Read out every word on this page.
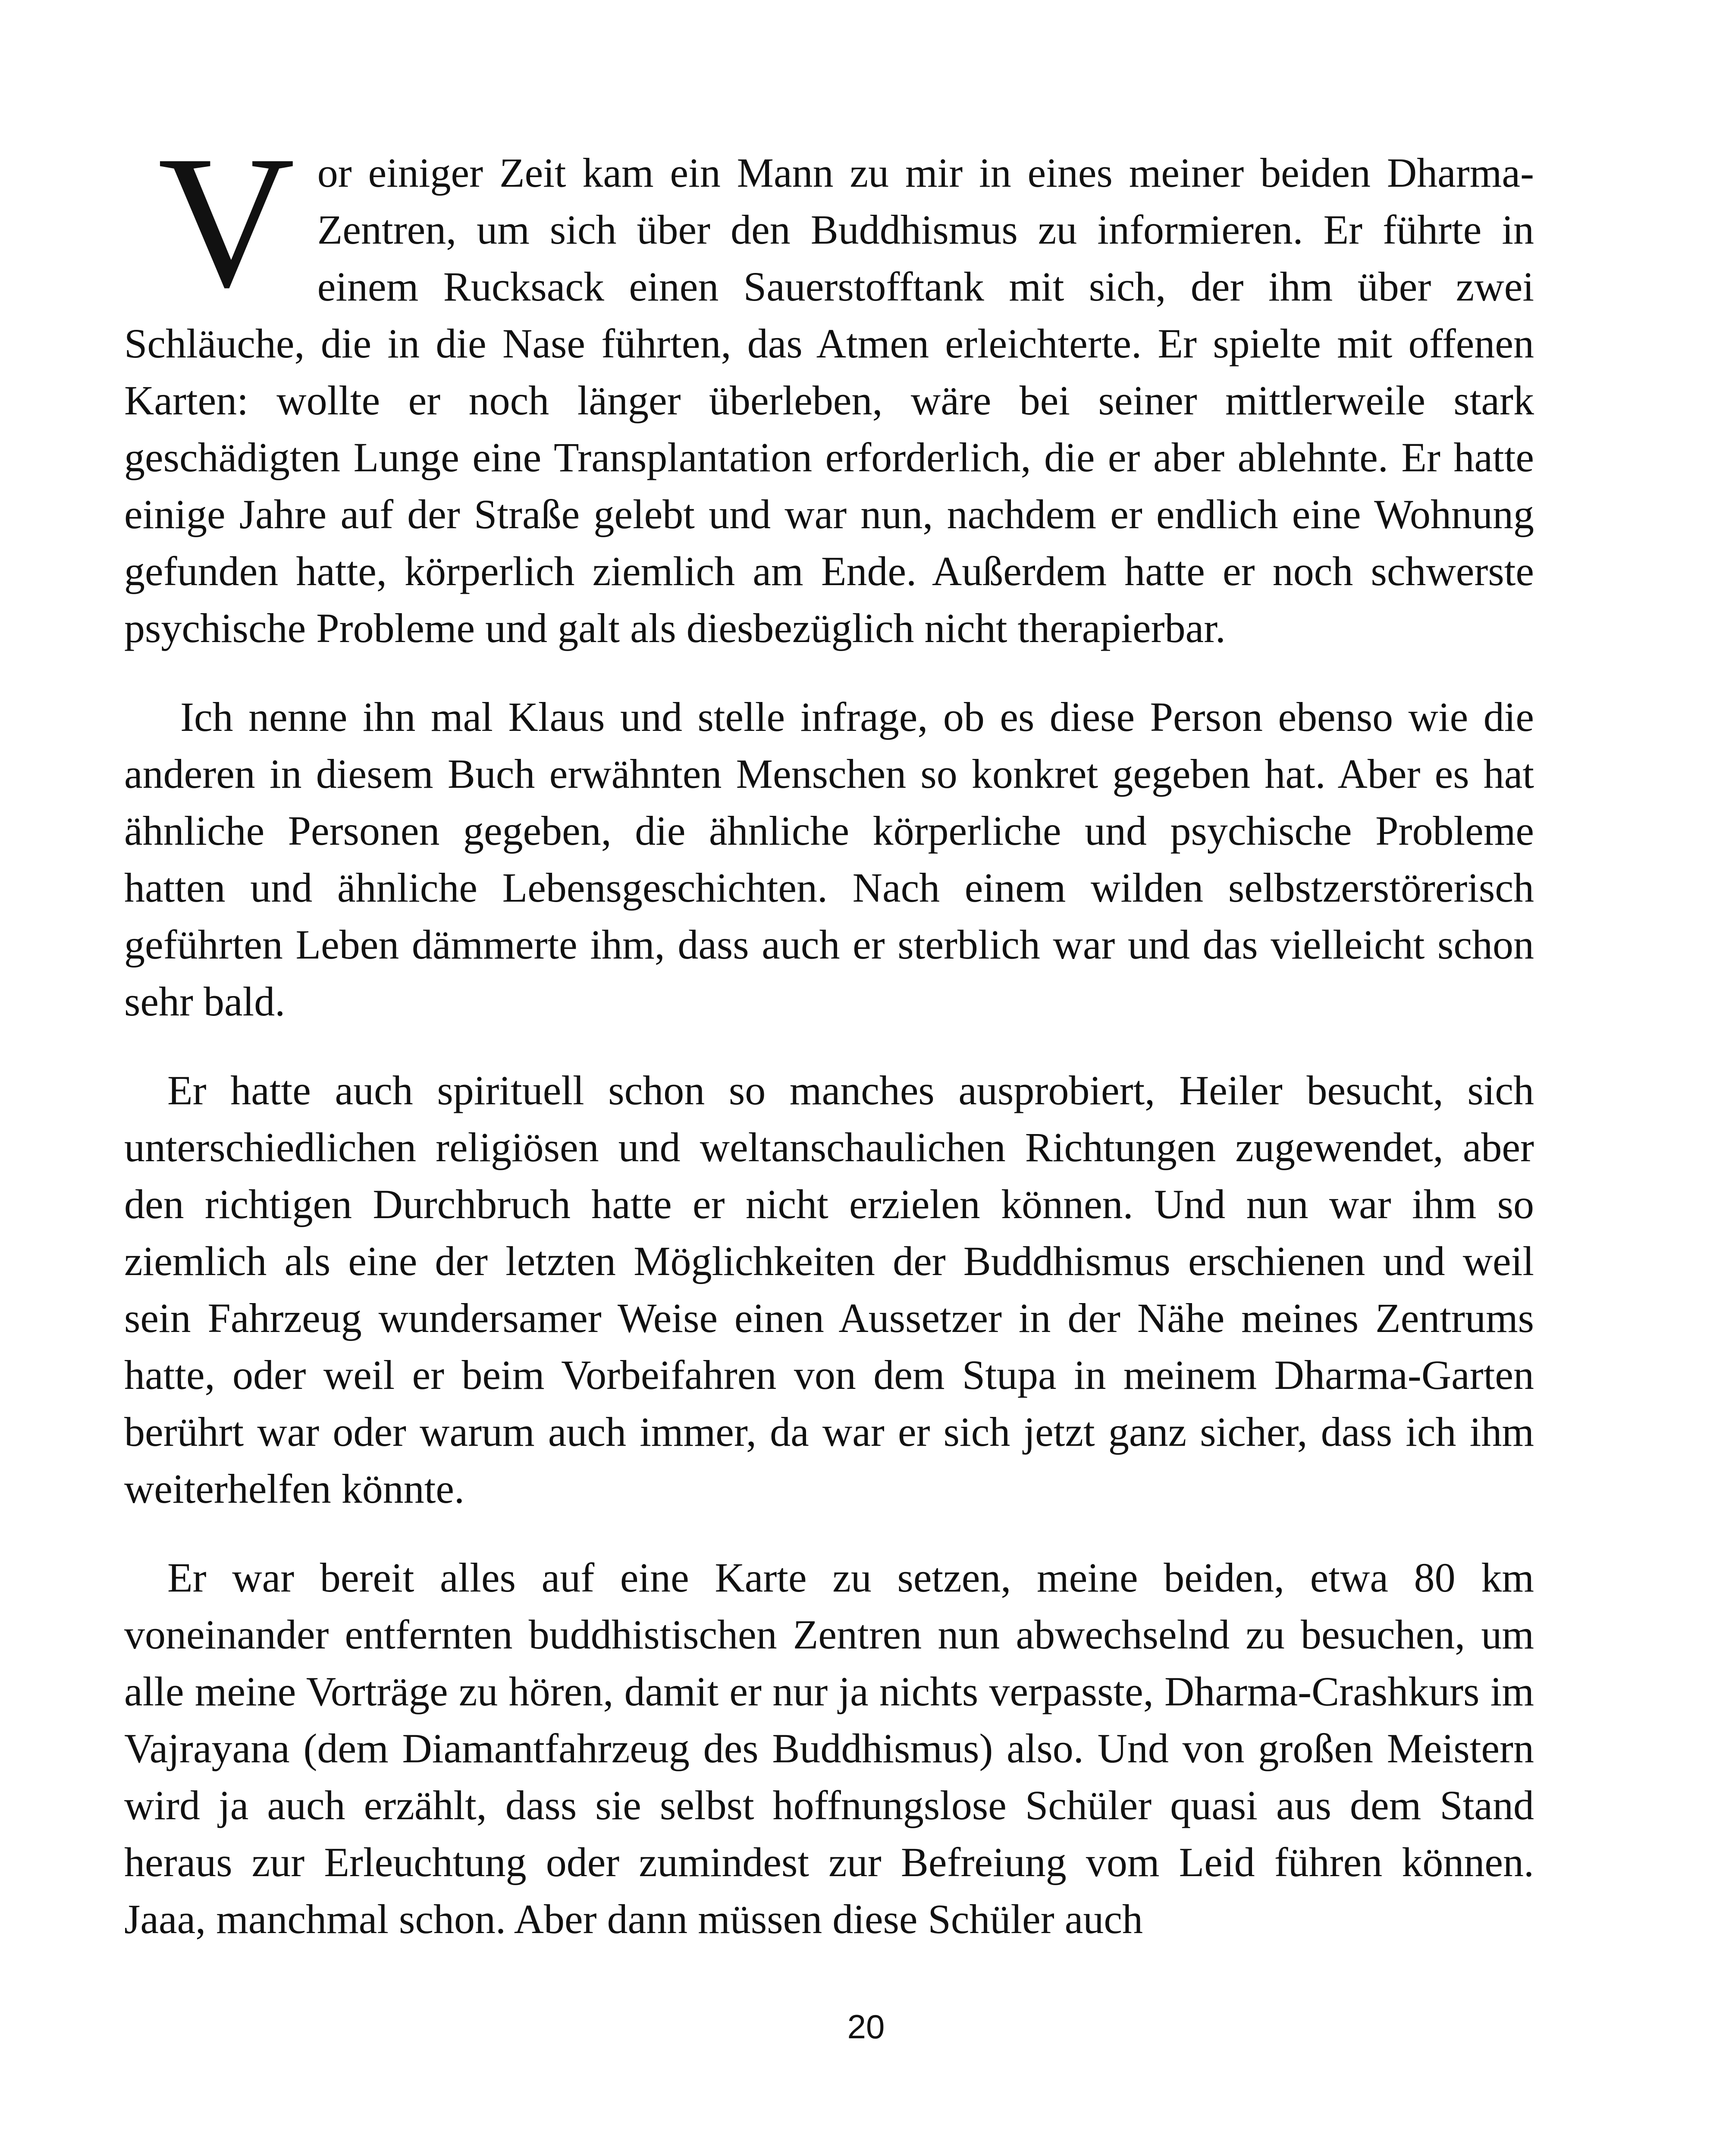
Vor einiger Zeit kam ein Mann zu mir in eines meiner beiden Dharma-Zentren, um sich über den Buddhismus zu informieren. Er führte in einem Rucksack einen Sauerstofftank mit sich, der ihm über zwei Schläuche, die in die Nase führten, das Atmen erleichterte. Er spielte mit offenen Karten: wollte er noch länger überleben, wäre bei seiner mittlerweile stark geschädigten Lunge eine Transplantation erforderlich, die er aber ablehnte. Er hatte einige Jahre auf der Straße gelebt und war nun, nachdem er endlich eine Wohnung gefunden hatte, körperlich ziemlich am Ende. Außerdem hatte er noch schwerste psychische Probleme und galt als diesbezüglich nicht therapierbar.

Ich nenne ihn mal Klaus und stelle infrage, ob es diese Person ebenso wie die anderen in diesem Buch erwähnten Menschen so konkret gegeben hat. Aber es hat ähnliche Personen gegeben, die ähnliche körperliche und psychische Probleme hatten und ähnliche Lebensgeschichten. Nach einem wilden selbstzerstörerisch geführten Leben dämmerte ihm, dass auch er sterblich war und das vielleicht schon sehr bald.

Er hatte auch spirituell schon so manches ausprobiert, Heiler besucht, sich unterschiedlichen religiösen und weltanschaulichen Richtungen zugewendet, aber den richtigen Durchbruch hatte er nicht erzielen können. Und nun war ihm so ziemlich als eine der letzten Möglichkeiten der Buddhismus erschienen und weil sein Fahrzeug wundersamer Weise einen Aussetzer in der Nähe meines Zentrums hatte, oder weil er beim Vorbeifahren von dem Stupa in meinem Dharma-Garten berührt war oder warum auch immer, da war er sich jetzt ganz sicher, dass ich ihm weiterhelfen könnte.

Er war bereit alles auf eine Karte zu setzen, meine beiden, etwa 80 km voneinander entfernten buddhistischen Zentren nun abwechselnd zu besuchen, um alle meine Vorträge zu hören, damit er nur ja nichts verpasste, Dharma-Crashkurs im Vajrayana (dem Diamantfahrzeug des Buddhismus) also. Und von großen Meistern wird ja auch erzählt, dass sie selbst hoffnungslose Schüler quasi aus dem Stand heraus zur Erleuchtung oder zumindest zur Befreiung vom Leid führen können. Jaaa, manchmal schon. Aber dann müssen diese Schüler auch

20
